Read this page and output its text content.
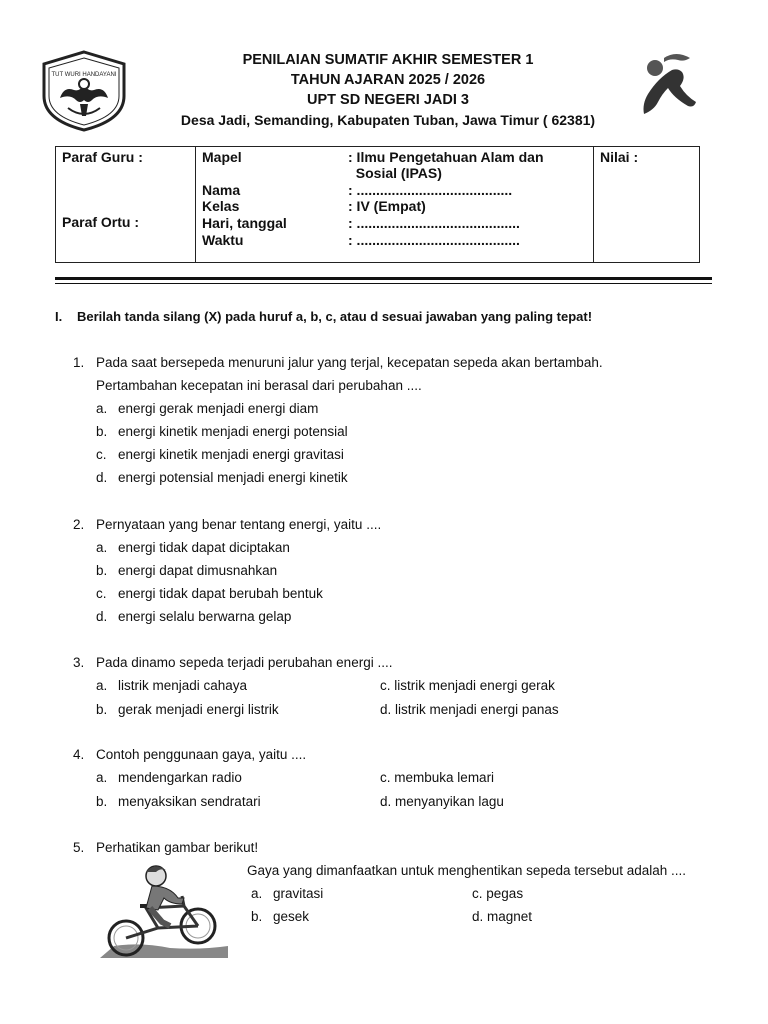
TUT WURI HANDAYANI
PENILAIAN SUMATIF AKHIR SEMESTER 1
TAHUN AJARAN 2025 / 2026
UPT SD NEGERI JADI 3
Desa Jadi, Semanding, Kabupaten Tuban, Jawa Timur ( 62381)
Paraf Guru :
Paraf Ortu :

Mapel	: Ilmu Pengetahuan Alam dan
Sosial (IPAS)
Nama	: ........................................
Kelas	: IV (Empat)
Hari, tanggal	: ..........................................
Waktu	: ..........................................

Nilai :
I. Berilah tanda silang (X) pada huruf a, b, c, atau d sesuai jawaban yang paling tepat!
1. Pada saat bersepeda menuruni jalur yang terjal, kecepatan sepeda akan bertambah.
Pertambahan kecepatan ini berasal dari perubahan ....
a. energi gerak menjadi energi diam
b. energi kinetik menjadi energi potensial
c. energi kinetik menjadi energi gravitasi
d. energi potensial menjadi energi kinetik
2. Pernyataan yang benar tentang energi, yaitu ....
a. energi tidak dapat diciptakan
b. energi dapat dimusnahkan
c. energi tidak dapat berubah bentuk
d. energi selalu berwarna gelap
3. Pada dinamo sepeda terjadi perubahan energi ....
a. listrik menjadi cahaya
b. gerak menjadi energi listrik
c. listrik menjadi energi gerak
d. listrik menjadi energi panas
4. Contoh penggunaan gaya, yaitu ....
a. mendengarkan radio
b. menyaksikan sendratari
c. membuka lemari
d. menyanyikan lagu
5. Perhatikan gambar berikut!
Gaya yang dimanfaatkan untuk menghentikan sepeda tersebut adalah ....
a. gravitasi
b. gesek
c. pegas
d. magnet
